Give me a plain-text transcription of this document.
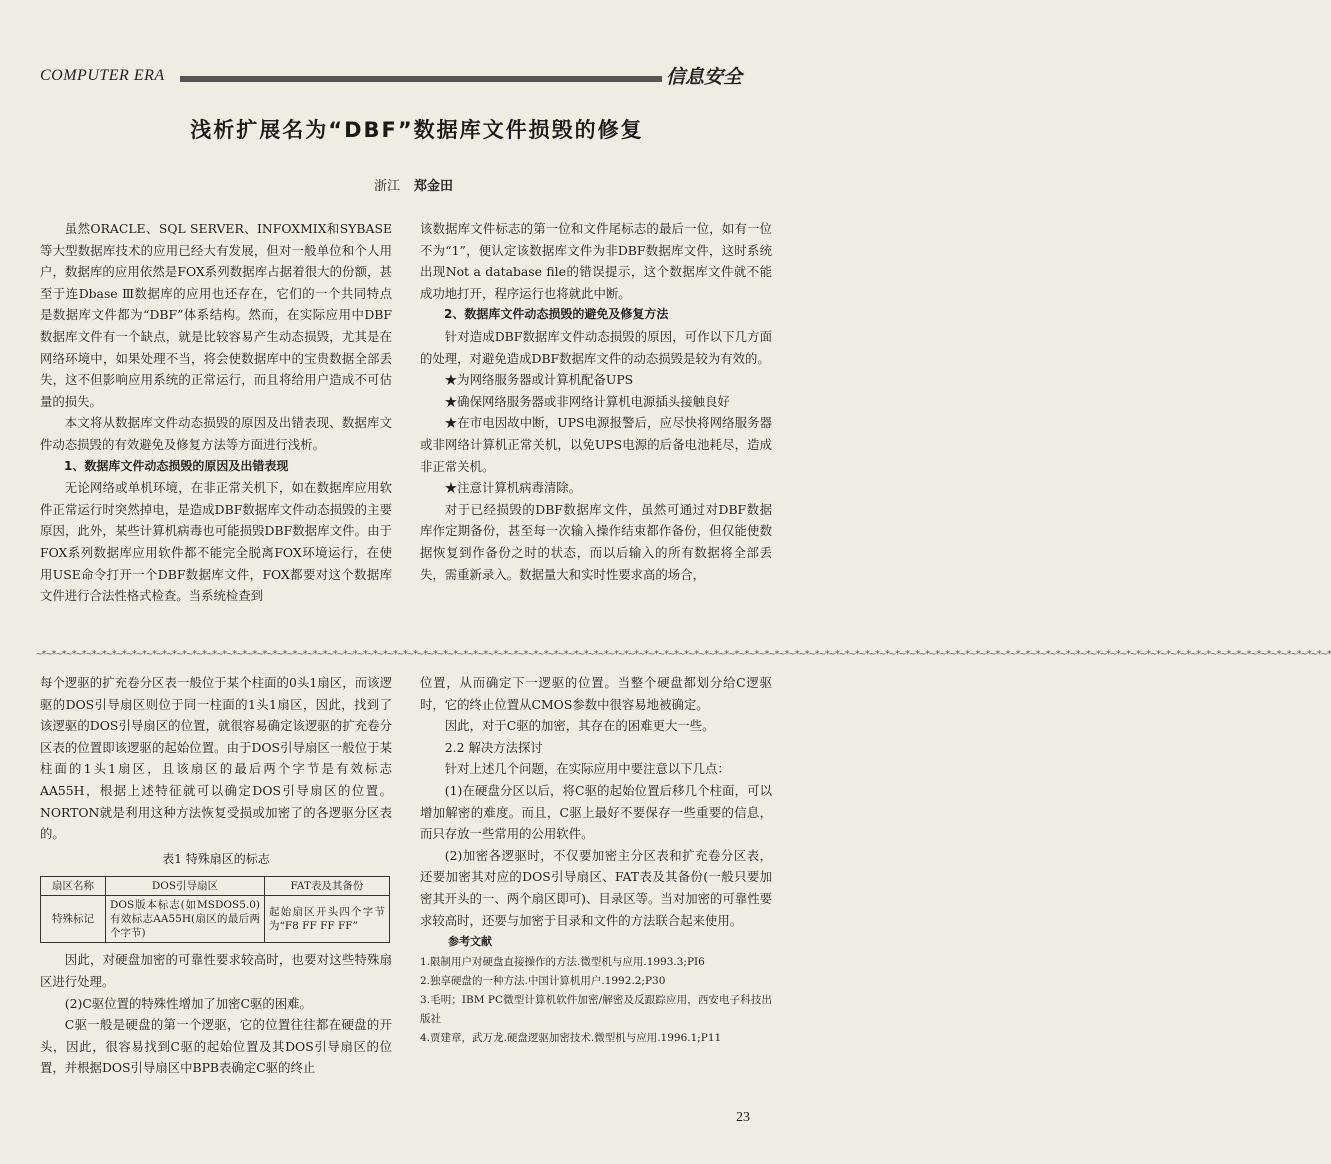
COMPUTER ERA	信息安全
浅析扩展名为“DBF”数据库文件损毁的修复
浙江 郑金田

虽然ORACLE、SQL SERVER、INFOXMIX和SYBASE等大型数据库技术的应用已经大有发展，但对一般单位和个人用户，数据库的应用依然是FOX系列数据库占据着很大的份额，甚至于连Dbase Ⅲ数据库的应用也还存在，它们的一个共同特点是数据库文件都为“DBF”体系结构。然而，在实际应用中DBF数据库文件有一个缺点，就是比较容易产生动态损毁，尤其是在网络环境中，如果处理不当，将会使数据库中的宝贵数据全部丢失，这不但影响应用系统的正常运行，而且将给用户造成不可估量的损失。

本文将从数据库文件动态损毁的原因及出错表现、数据库文件动态损毁的有效避免及修复方法等方面进行浅析。

1、数据库文件动态损毁的原因及出错表现

无论网络或单机环境，在非正常关机下，如在数据库应用软件正常运行时突然掉电，是造成DBF数据库文件动态损毁的主要原因，此外，某些计算机病毒也可能损毁DBF数据库文件。由于FOX系列数据库应用软件都不能完全脱离FOX环境运行，在使用USE命令打开一个DBF数据库文件，FOX都要对这个数据库文件进行合法性格式检查。当系统检查到

该数据库文件标志的第一位和文件尾标志的最后一位，如有一位不为“1”，便认定该数据库文件为非DBF数据库文件，这时系统出现Not a database file的错误提示，这个数据库文件就不能成功地打开，程序运行也将就此中断。

2、数据库文件动态损毁的避免及修复方法

针对造成DBF数据库文件动态损毁的原因，可作以下几方面的处理，对避免造成DBF数据库文件的动态损毁是较为有效的。

★为网络服务器或计算机配备UPS

★确保网络服务器或非网络计算机电源插头接触良好

★在市电因故中断，UPS电源报警后，应尽快将网络服务器或非网络计算机正常关机，以免UPS电源的后备电池耗尽，造成非正常关机。

★注意计算机病毒清除。

对于已经损毁的DBF数据库文件，虽然可通过对DBF数据库作定期备份，甚至每一次输入操作结束都作备份，但仅能使数据恢复到作备份之时的状态，而以后输入的所有数据将全部丢失，需重新录入。数据量大和实时性要求高的场合，

~*~*~*~*~*~*~*~*~*~*~*~*~*~*~*~*~*~*~*~*~*~*~*~*~*~*~*~*~*~*~*~*~*~*~*~*~*~*~*~*~*~*~*~*~*~*~*~*~*~*~*~*~*~*~*~*~*~*~*~*~*~*~*~*~*~*~*~*~*~*~*~*~*~*~*~*~*~*~*~*~*~*~*~*~*~*~*~*~*~*~*~*~*~*~*~*~*~*~*~*~*~*~*~*~*~*~*~*~*~*~*~*~*~*~*~*~*~*~*~*~*~*~*~*~*~*~*~*~*

每个逻驱的扩充卷分区表一般位于某个柱面的0头1扇区，而该逻驱的DOS引导扇区则位于同一柱面的1头1扇区，因此，找到了该逻驱的DOS引导扇区的位置，就很容易确定该逻驱的扩充卷分区表的位置即该逻驱的起始位置。由于DOS引导扇区一般位于某柱面的1头1扇区，且该扇区的最后两个字节是有效标志AA55H，根据上述特征就可以确定DOS引导扇区的位置。NORTON就是利用这种方法恢复受损或加密了的各逻驱分区表的。

表1 特殊扇区的标志

扇区名称	DOS引导扇区	FAT表及其备份
特殊标记	DOS版本标志(如MSDOS5.0)有效标志AA55H(扇区的最后两个字节)	起始扇区开头四个字节为“F8 FF FF FF”

因此，对硬盘加密的可靠性要求较高时，也要对这些特殊扇区进行处理。

(2)C驱位置的特殊性增加了加密C驱的困难。

C驱一般是硬盘的第一个逻驱，它的位置往往都在硬盘的开头，因此，很容易找到C驱的起始位置及其DOS引导扇区的位置，并根据DOS引导扇区中BPB表确定C驱的终止

位置，从而确定下一逻驱的位置。当整个硬盘都划分给C逻驱时，它的终止位置从CMOS参数中很容易地被确定。

因此，对于C驱的加密，其存在的困难更大一些。

2.2 解决方法探讨

针对上述几个问题，在实际应用中要注意以下几点：

(1)在硬盘分区以后，将C驱的起始位置后移几个柱面，可以增加解密的难度。而且，C驱上最好不要保存一些重要的信息，而只存放一些常用的公用软件。

(2)加密各逻驱时，不仅要加密主分区表和扩充卷分区表，还要加密其对应的DOS引导扇区、FAT表及其备份(一般只要加密其开头的一、两个扇区即可)、目录区等。当对加密的可靠性要求较高时，还要与加密于目录和文件的方法联合起来使用。

参考文献

1.限制用户对硬盘直接操作的方法.微型机与应用.1993.3;PI6

2.独享硬盘的一种方法.中国计算机用户.1992.2;P30

3.毛明；IBM PC微型计算机软件加密/解密及反跟踪应用，西安电子科技出版社

4.贾建章，武万龙.硬盘逻驱加密技术.微型机与应用.1996.1;P11

23
